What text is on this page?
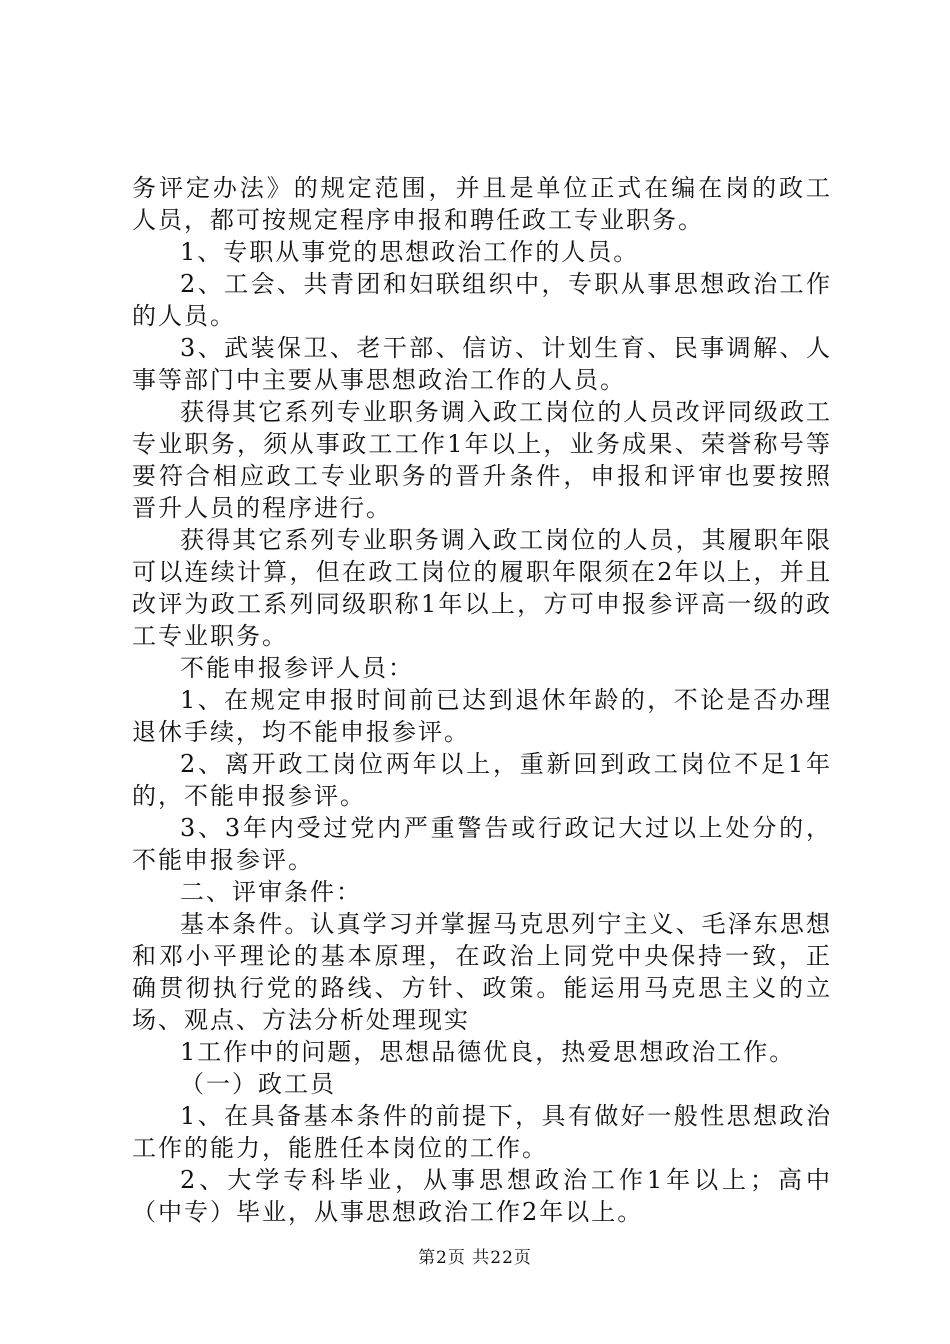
务评定办法》的规定范围，并且是单位正式在编在岗的政工人员，都可按规定程序申报和聘任政工专业职务。

1、专职从事党的思想政治工作的人员。

2、工会、共青团和妇联组织中，专职从事思想政治工作的人员。

3、武装保卫、老干部、信访、计划生育、民事调解、人事等部门中主要从事思想政治工作的人员。

获得其它系列专业职务调入政工岗位的人员改评同级政工专业职务，须从事政工工作1年以上，业务成果、荣誉称号等要符合相应政工专业职务的晋升条件，申报和评审也要按照晋升人员的程序进行。

获得其它系列专业职务调入政工岗位的人员，其履职年限可以连续计算，但在政工岗位的履职年限须在2年以上，并且改评为政工系列同级职称1年以上，方可申报参评高一级的政工专业职务。

不能申报参评人员：

1、在规定申报时间前已达到退休年龄的，不论是否办理退休手续，均不能申报参评。

2、离开政工岗位两年以上，重新回到政工岗位不足1年的，不能申报参评。

3、3年内受过党内严重警告或行政记大过以上处分的，不能申报参评。

二、评审条件：

基本条件。认真学习并掌握马克思列宁主义、毛泽东思想和邓小平理论的基本原理，在政治上同党中央保持一致，正确贯彻执行党的路线、方针、政策。能运用马克思主义的立场、观点、方法分析处理现实

1工作中的问题，思想品德优良，热爱思想政治工作。

（一）政工员

1、在具备基本条件的前提下，具有做好一般性思想政治工作的能力，能胜任本岗位的工作。

2、大学专科毕业，从事思想政治工作1年以上；高中（中专）毕业，从事思想政治工作2年以上。

第2页 共22页
